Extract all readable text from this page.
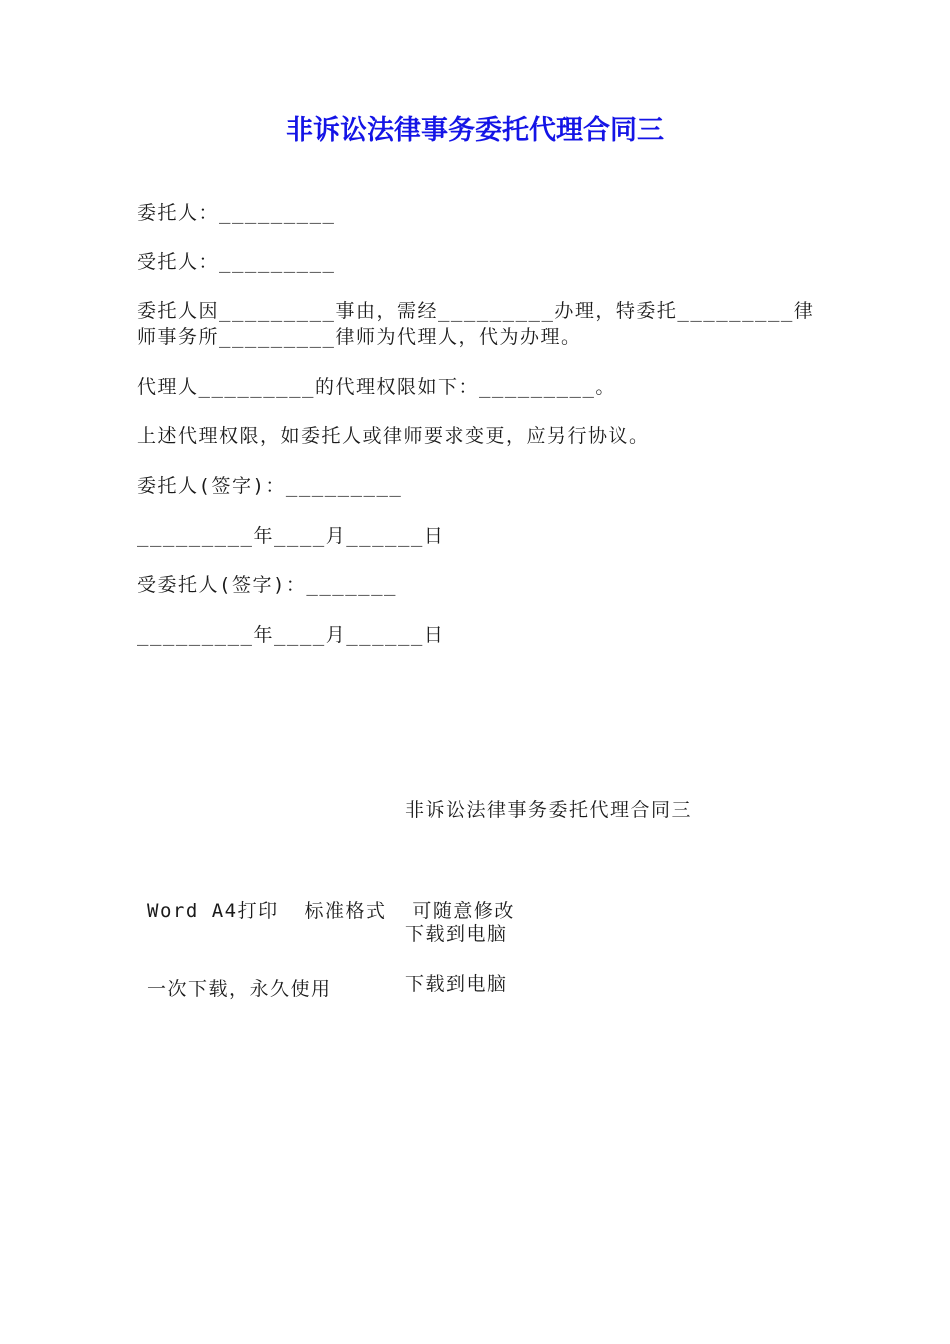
非诉讼法律事务委托代理合同三

委托人：_________

受托人：_________

委托人因_________事由，需经_________办理，特委托_________律师事务所_________律师为代理人，代为办理。

代理人_________的代理权限如下：_________。

上述代理权限，如委托人或律师要求变更，应另行协议。

委托人(签字)：_________

_________年____月______日

受委托人(签字)：_______

_________年____月______日

非诉讼法律事务委托代理合同三

Word A4打印  标准格式  可随意修改

一次下载，永久使用

下载到电脑
下载到电脑
